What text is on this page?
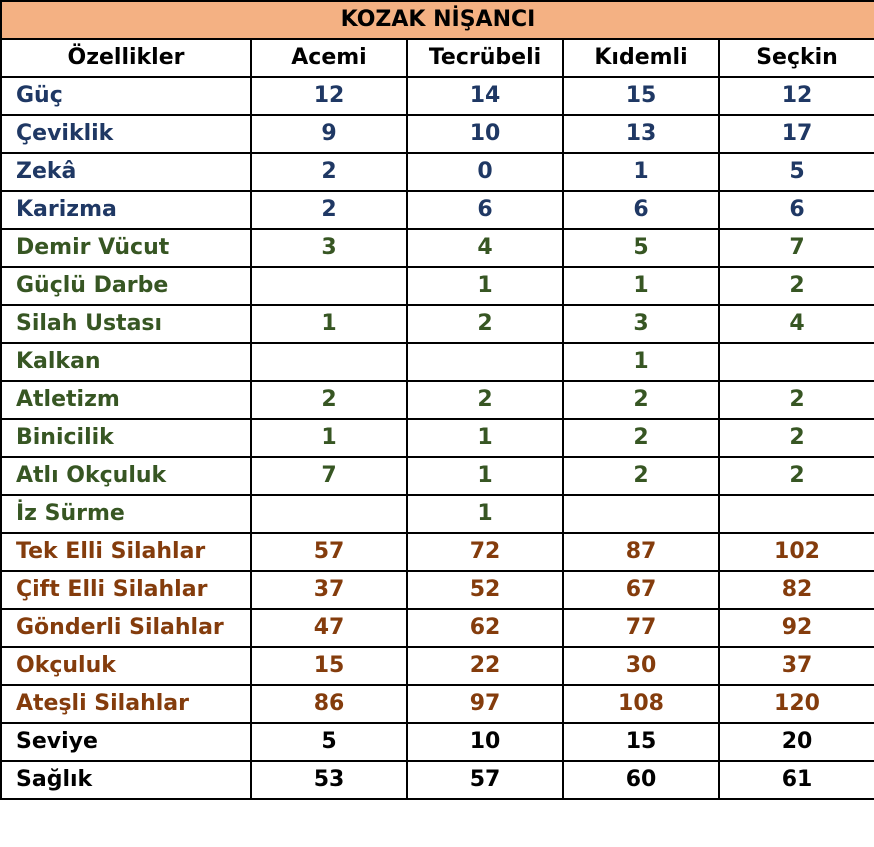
KOZAK NİŞANCI				
Özellikler	Acemi	Tecrübeli	Kıdemli	Seçkin
Güç	12	14	15	12
Çeviklik	9	10	13	17
Zekâ	2	0	1	5
Karizma	2	6	6	6
Demir Vücut	3	4	5	7
Güçlü Darbe		1	1	2
Silah Ustası	1	2	3	4
Kalkan			1	
Atletizm	2	2	2	2
Binicilik	1	1	2	2
Atlı Okçuluk	7	1	2	2
İz Sürme		1		
Tek Elli Silahlar	57	72	87	102
Çift Elli Silahlar	37	52	67	82
Gönderli Silahlar	47	62	77	92
Okçuluk	15	22	30	37
Ateşli Silahlar	86	97	108	120
Seviye	5	10	15	20
Sağlık	53	57	60	61
